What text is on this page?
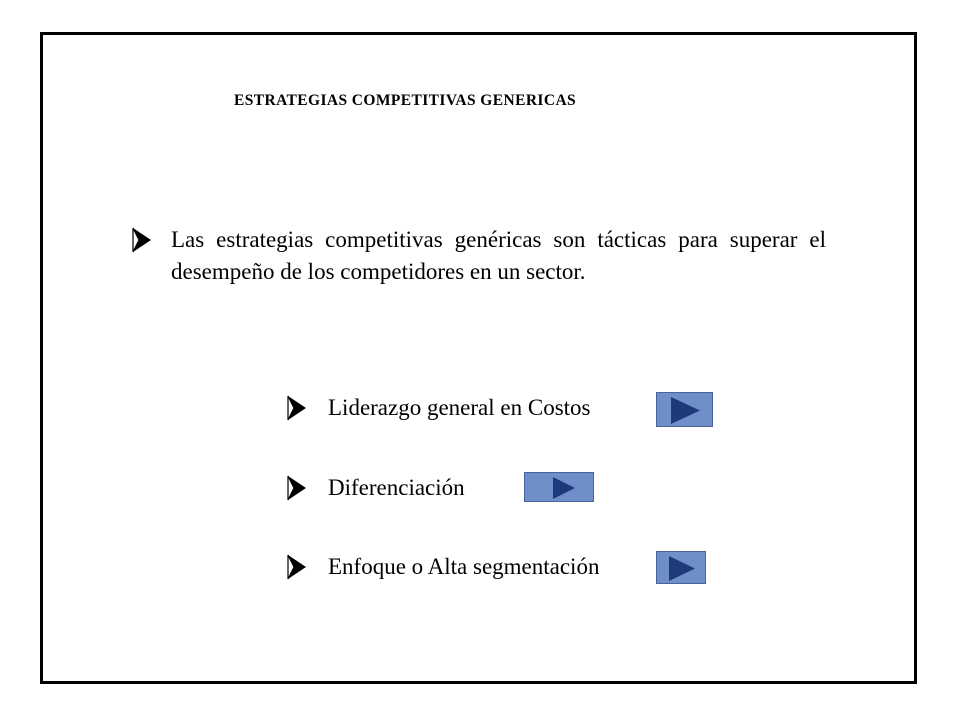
ESTRATEGIAS COMPETITIVAS GENERICAS
Las estrategias competitivas genéricas son tácticas para superar el desempeño de los competidores en un sector.
Liderazgo general en Costos
Diferenciación
Enfoque o Alta segmentación
